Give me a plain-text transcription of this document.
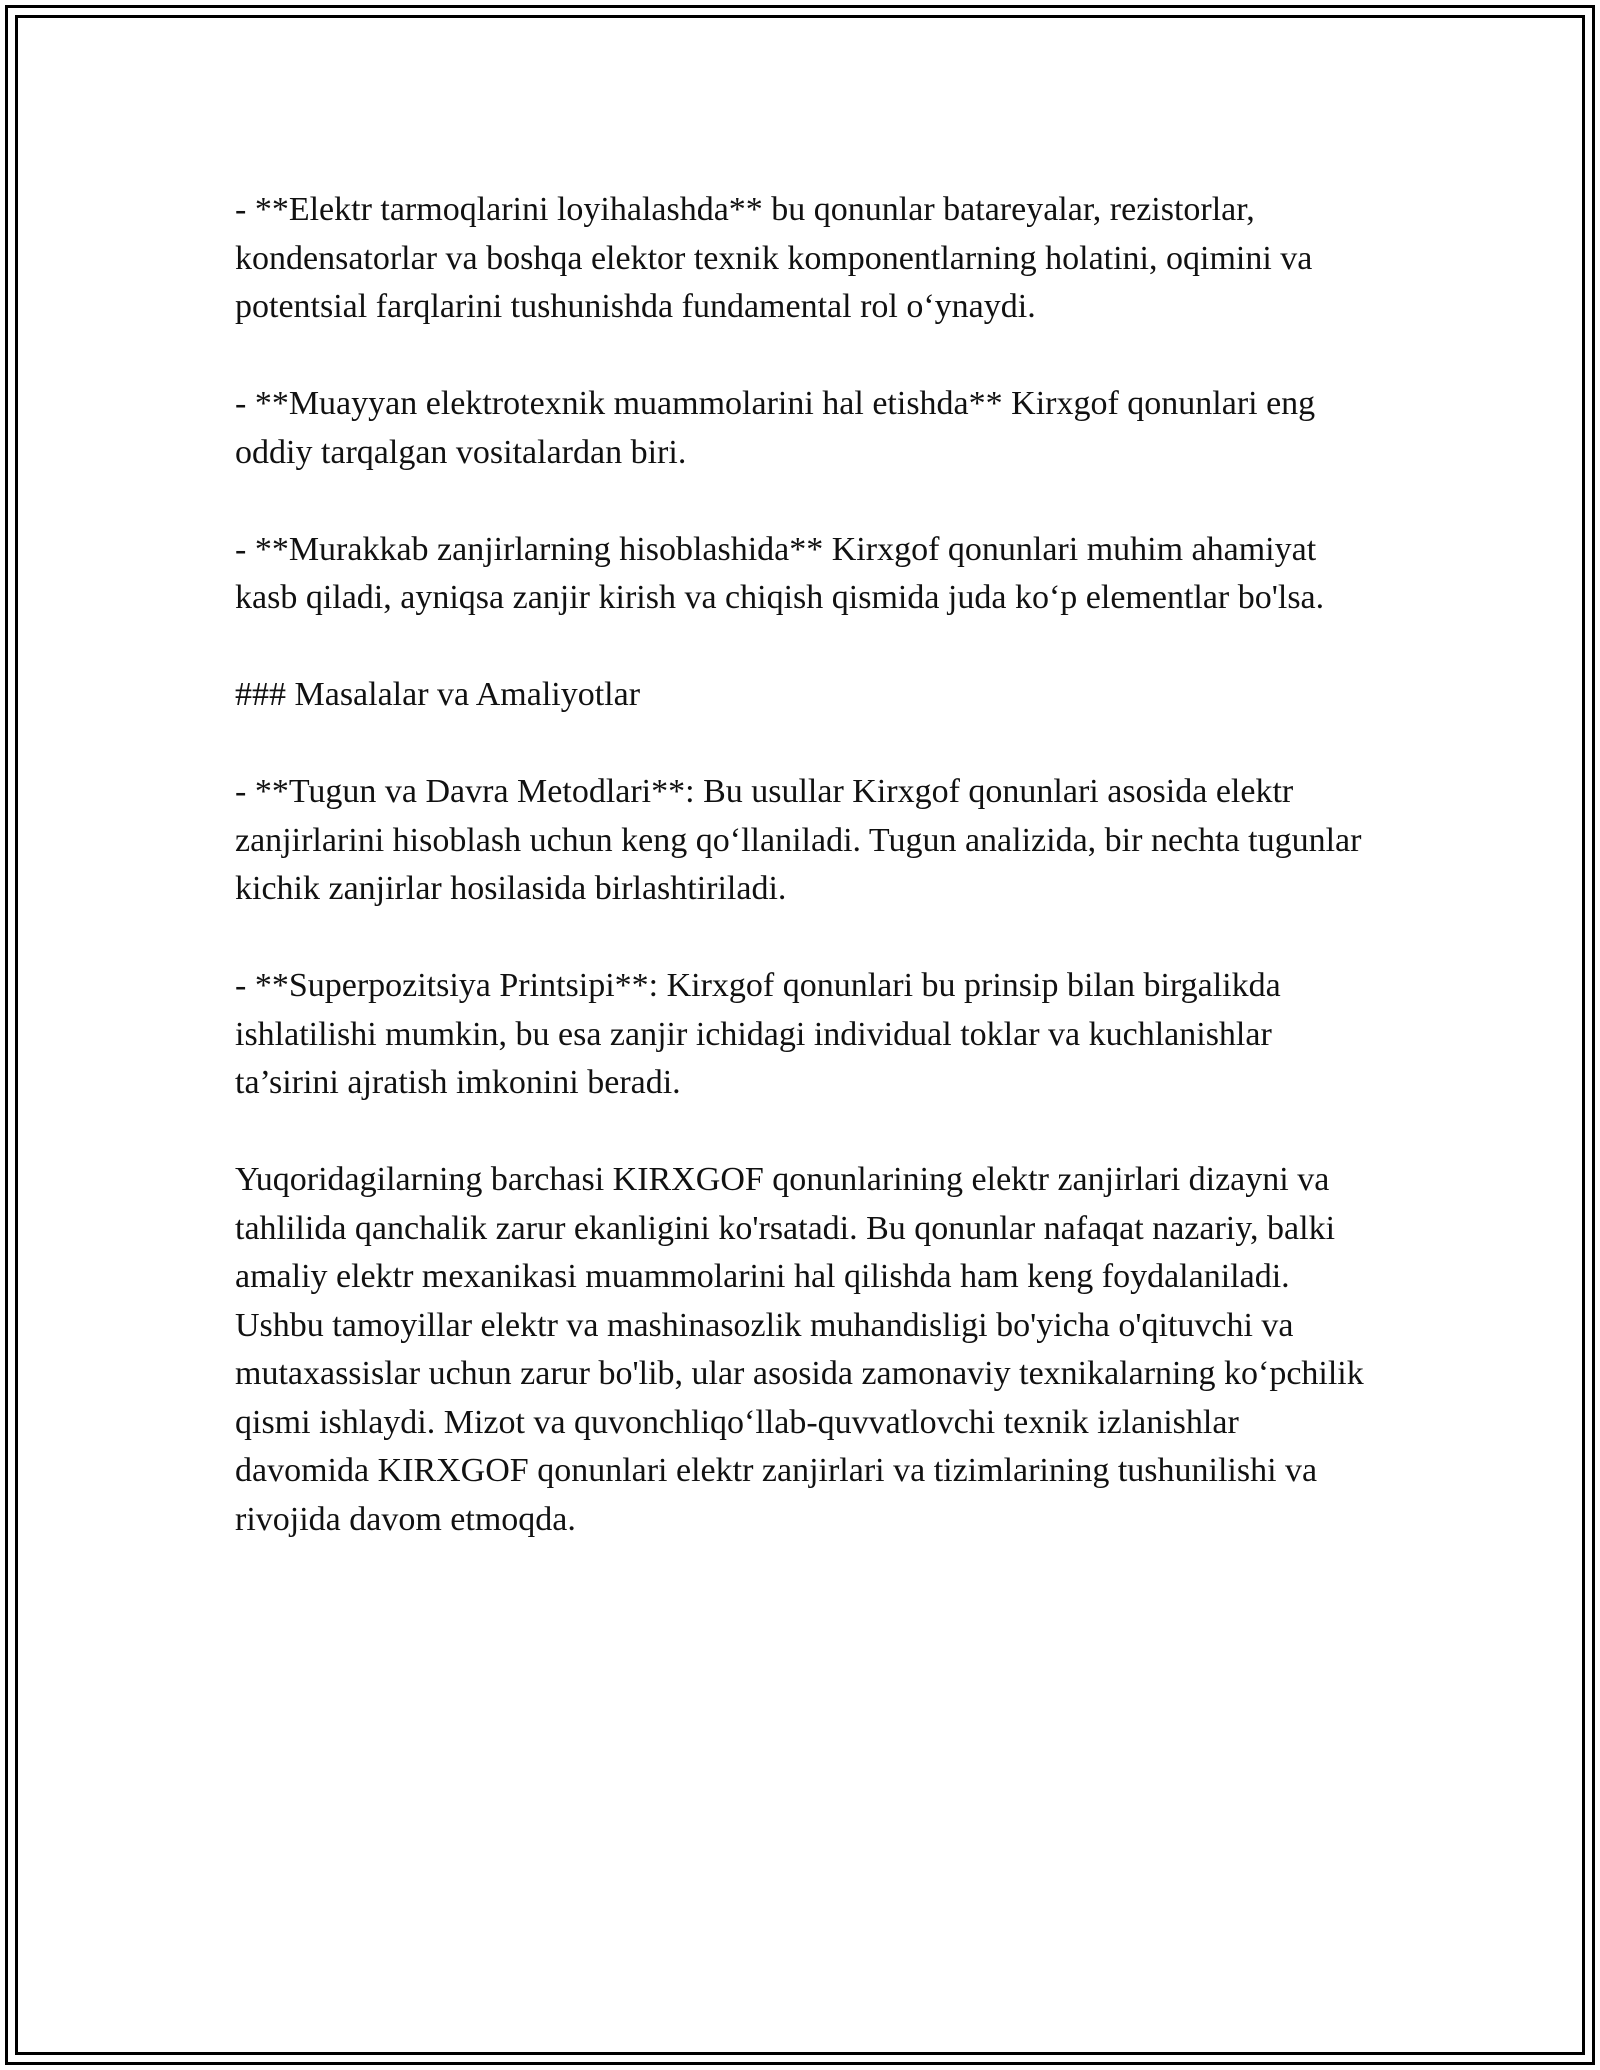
- **Elektr tarmoqlarini loyihalashda** bu qonunlar batareyalar, rezistorlar, kondensatorlar va boshqa elektor texnik komponentlarning holatini, oqimini va potentsial farqlarini tushunishda fundamental rol o‘ynaydi.

- **Muayyan elektrotexnik muammolarini hal etishda** Kirxgof qonunlari eng oddiy tarqalgan vositalardan biri.

- **Murakkab zanjirlarning hisoblashida** Kirxgof qonunlari muhim ahamiyat kasb qiladi, ayniqsa zanjir kirish va chiqish qismida juda ko‘p elementlar bo'lsa.

### Masalalar va Amaliyotlar

- **Tugun va Davra Metodlari**: Bu usullar Kirxgof qonunlari asosida elektr zanjirlarini hisoblash uchun keng qo‘llaniladi. Tugun analizida, bir nechta tugunlar kichik zanjirlar hosilasida birlashtiriladi.

- **Superpozitsiya Printsipi**: Kirxgof qonunlari bu prinsip bilan birgalikda ishlatilishi mumkin, bu esa zanjir ichidagi individual toklar va kuchlanishlar ta’sirini ajratish imkonini beradi.

Yuqoridagilarning barchasi KIRXGOF qonunlarining elektr zanjirlari dizayni va tahlilida qanchalik zarur ekanligini ko'rsatadi. Bu qonunlar nafaqat nazariy, balki amaliy elektr mexanikasi muammolarini hal qilishda ham keng foydalaniladi. Ushbu tamoyillar elektr va mashinasozlik muhandisligi bo'yicha o'qituvchi va mutaxassislar uchun zarur bo'lib, ular asosida zamonaviy texnikalarning ko‘pchilik qismi ishlaydi. Mizot va quvonchliqo‘llab-quvvatlovchi texnik izlanishlar davomida KIRXGOF qonunlari elektr zanjirlari va tizimlarining tushunilishi va rivojida davom etmoqda.
